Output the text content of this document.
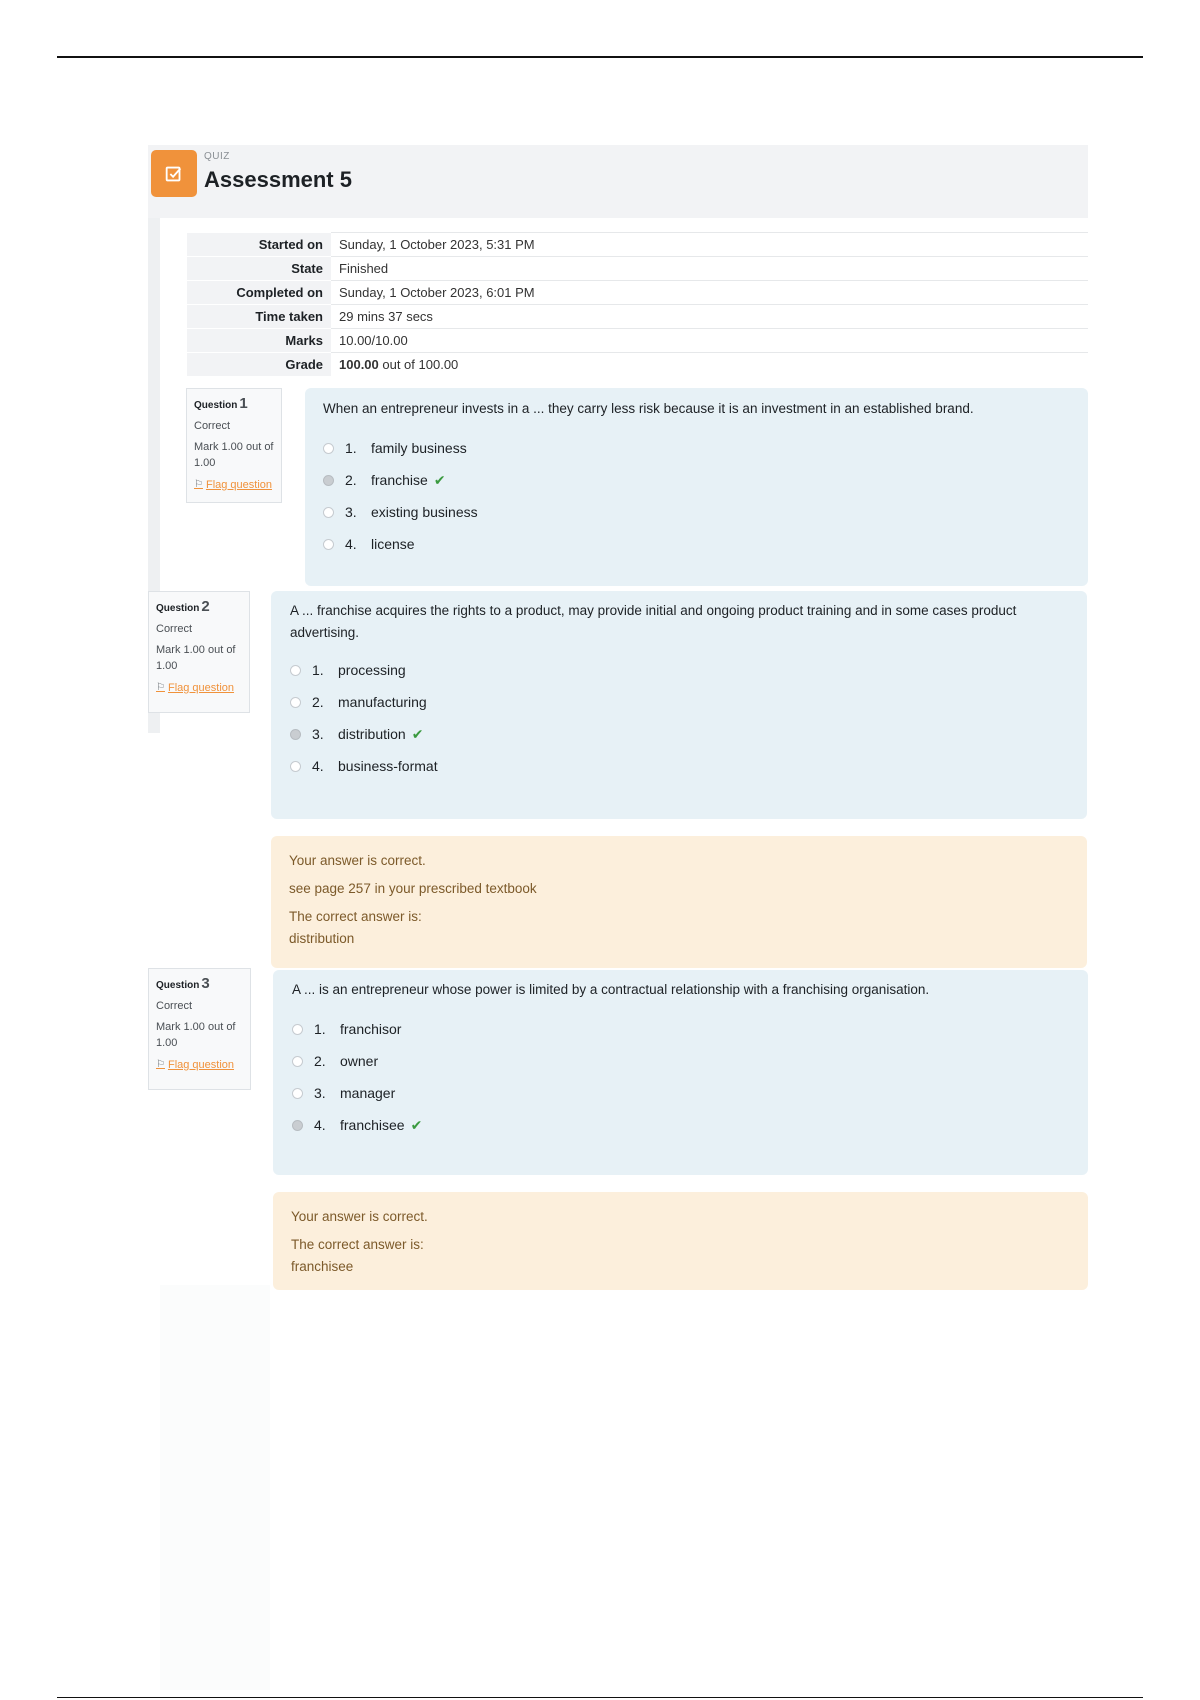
QUIZ
Assessment 5
Started on	Sunday, 1 October 2023, 5:31 PM
State	Finished
Completed on	Sunday, 1 October 2023, 6:01 PM
Time taken	29 mins 37 secs
Marks	10.00/10.00
Grade	100.00 out of 100.00
Question 1
Correct
Mark 1.00 out of 1.00
⚐ Flag question
When an entrepreneur invests in a ... they carry less risk because it is an investment in an established brand.
1.	family business
2.	franchise ✔
3.	existing business
4.	license
Question 2
Correct
Mark 1.00 out of 1.00
⚐ Flag question
A ... franchise acquires the rights to a product, may provide initial and ongoing product training and in some cases product advertising.
1.	processing
2.	manufacturing
3.	distribution ✔
4.	business-format

Your answer is correct.

see page 257 in your prescribed textbook

The correct answer is:

distribution

Question 3
Correct
Mark 1.00 out of 1.00
⚐ Flag question
A ... is an entrepreneur whose power is limited by a contractual relationship with a franchising organisation.
1.	franchisor
2.	owner
3.	manager
4.	franchisee ✔

Your answer is correct.

The correct answer is:

franchisee
